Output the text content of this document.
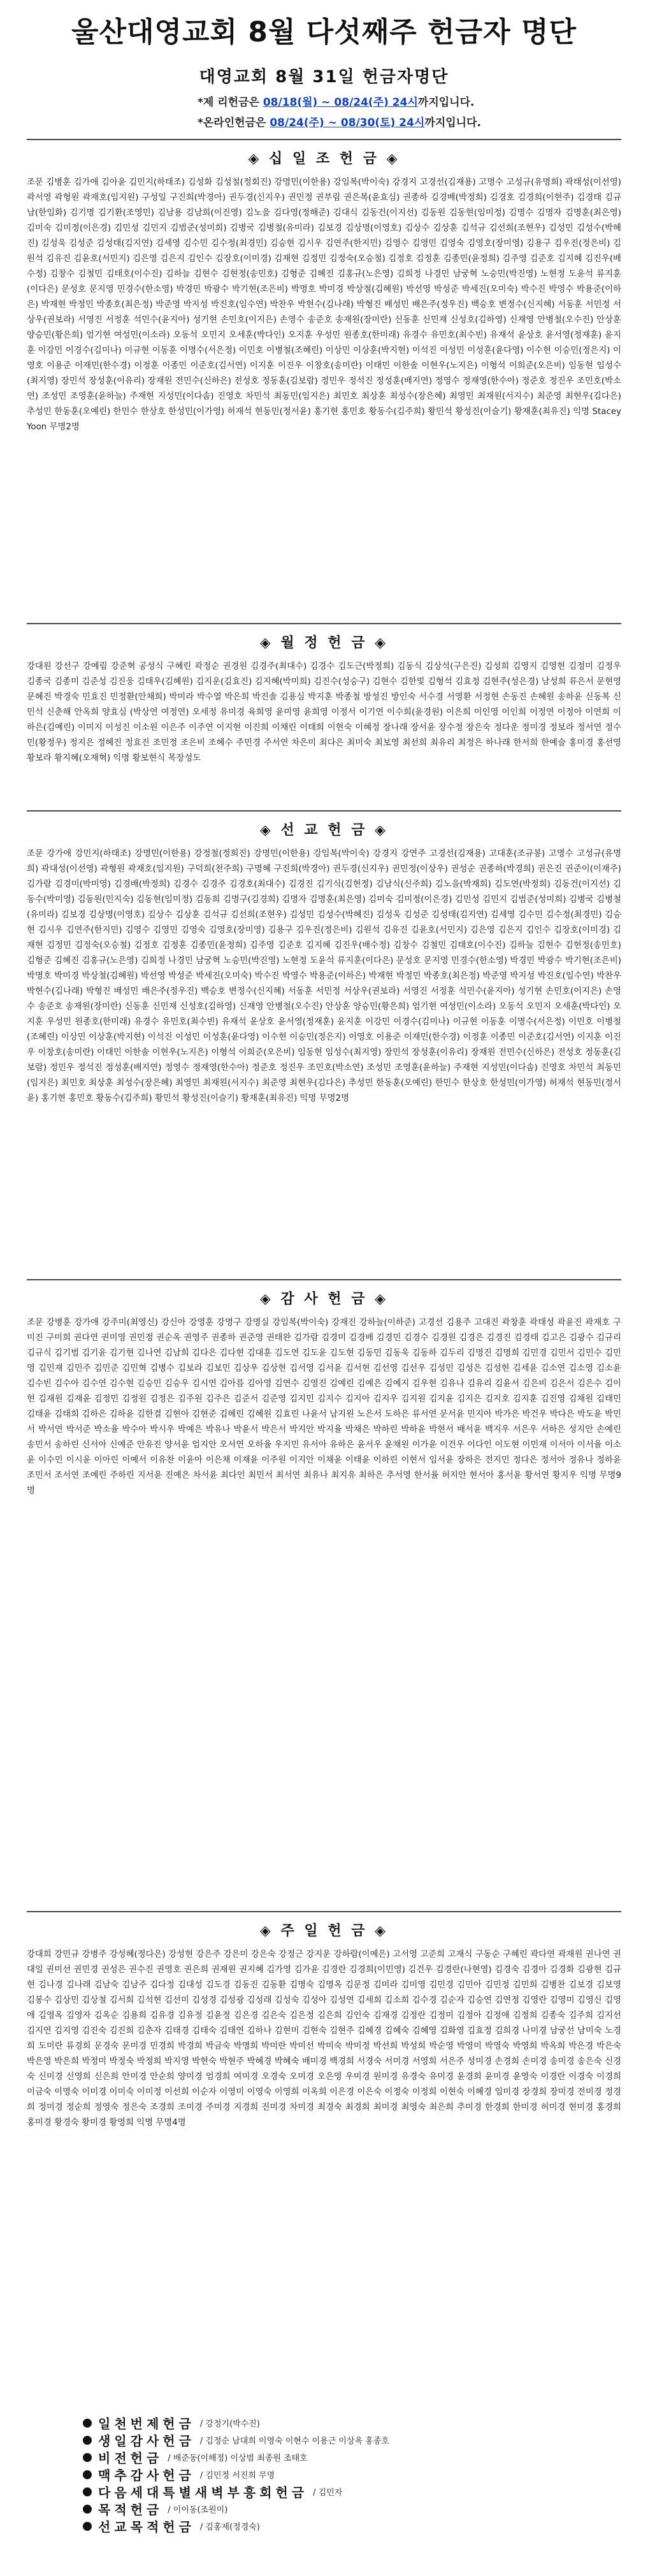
울산대영교회 8월 다섯째주 헌금자 명단
대영교회 8월 31일 헌금자명단
*제 리헌금은 08/18(월) ~ 08/24(주) 24시까지입니다.
*온라인헌금은 08/24(주) ~ 08/30(토) 24시까지입니다.
◈ 십 일 조 헌 금 ◈
조문 김병훈 김가애 김아윤 김민지(하태조) 김성화 김성철(정회진) 강명민(이한용) 강임복(박이숙) 강경지 고경선(김재용) 고명수 고성규(유명희) 곽태성(이선영) 곽서영 곽형원 곽재호(임지원) 구성일 구진희(박경아) 권두경(신지우) 권민정 권부림 권은복(윤효심) 권종하 김경배(박정희) 김경호 김경희(이현주) 김경태 김규남(한임화) 김기명 김기환(조영민) 김남용 김남희(이진영) 김노을 김다영(정해준) 김대식 김동건(이지선) 김동원 김동현(임미정) 김명수 김명자 김명훈(최은영) 김미숙 김미정(이은경) 김민성 김민지 김범준(성미희) 김병국 김병철(유미라) 김보경 김상명(이영호) 김상수 김상훈 김석규 김선희(조현우) 김성민 김성수(박혜진) 김성욱 김성준 김성태(김지연) 김세영 김수민 김수정(최경민) 김승현 김시우 김연주(한지민) 김영수 김영민 김영숙 김영호(장미영) 김용구 김우진(정은비) 김원석 김유진 김윤호(서민지) 김은영 김은지 김인수 김장호(이미경) 김재현 김정민 김정숙(오승철) 김정호 김정훈 김종민(윤정희) 김주영 김준호 김지혜 김진우(배수정) 김창수 김철민 김태호(이수진) 김하늘 김현수 김현정(송민호) 김형준 김혜진 김홍규(노은영) 김희정 나경민 남궁혁 노승민(박진영) 노현정 도윤석 류지훈(이다은) 문성호 문지영 민경수(한소영) 박경민 박광수 박기현(조은비) 박명호 박미경 박상철(김혜원) 박선영 박성준 박세진(오미숙) 박수진 박영수 박용준(이하은) 박재현 박정민 박종호(최은정) 박준영 박지성 박진호(임수연) 박찬우 박현수(김나래) 박형진 배성민 배은주(정우진) 백승호 변정수(신지혜) 서동훈 서민정 서상우(권보라) 서영진 서정훈 석민수(윤지아) 성기현 손민호(이지은) 손영수 송준호 송재원(장미란) 신동훈 신민재 신성호(김하영) 신재영 안병철(오수진) 안상훈 양승민(황은희) 엄기현 여성민(이소라) 오동석 오민지 오세훈(박다인) 오지훈 우성민 원종호(한미래) 유경수 유민호(최수빈) 유재석 윤상호 윤서영(정재훈) 윤지훈 이강민 이경수(김미나) 이규현 이동훈 이명수(서은정) 이민호 이병철(조혜린) 이상민 이상훈(박지현) 이석진 이성민 이성훈(윤다영) 이수현 이승민(정은지) 이영호 이용준 이재민(한수경) 이정훈 이종민 이준호(김서연) 이지훈 이진우 이창호(송미란) 이태민 이한솔 이현우(노지은) 이형석 이희준(오은비) 임동현 임성수(최지영) 장민석 장성훈(이유리) 장재원 전민수(신하은) 전성호 정동훈(김보람) 정민우 정석진 정성훈(배지연) 정영수 정재영(한수아) 정준호 정진우 조민호(박소연) 조성민 조영훈(윤하늘) 주재현 지성민(이다솜) 진영호 차민석 최동민(임지은) 최민호 최상훈 최성수(장은혜) 최영민 최재원(서지수) 최준영 최현우(김다은) 추성민 한동훈(오예린) 한민수 한상호 한성민(이가영) 허재석 현동민(정서윤) 홍기현 홍민호 황동수(김주희) 황민석 황성진(이슬기) 황재훈(최유진) 익명 Stacey Yoon 무명2명
◈ 월 정 헌 금 ◈
강대원 강선구 강예림 강준혁 공성식 구혜린 곽정순 권경원 김경주(최대수) 김경수 김도근(박정희) 김동식 김상석(구은진) 김성희 김영지 김영현 김정미 김정우 김종국 김종미 김준성 김진웅 김태우(김혜원) 김지운(김효진) 김지혜(박미희) 김진수(성승구) 김현수 김한빛 김형석 김효정 김현주(성은경) 남성희 류은서 문현영 문혜진 박경숙 민효진 민정환(안채희) 박미라 박수열 박은희 박진솔 김용심 박지훈 박종철 방성진 방인숙 서수경 서영환 서정현 손동진 손혜원 송하윤 신동복 신민석 신춘해 안옥희 양효심 (박상연 여정연) 오세정 유미경 육희영 윤미영 윤희영 이정서 이기연 이수희(윤경원) 이은희 이인영 이인희 이정연 이정아 이연희 이하은(김예린) 이미지 이성진 이소원 이은주 이주연 이지현 이진희 이채린 이태희 이현숙 이혜정 장나래 장서윤 장수정 장은숙 정다운 정미경 정보라 정서연 정수민(황정우) 정지은 정혜진 정효진 조민정 조은비 조혜수 주민경 주서연 차은미 최다은 최미숙 최보영 최선희 최유리 최정은 하나래 한서희 한예슬 홍미경 홍선영 황보라 황지혜(오재혁) 익명 황보현식 목장성도
◈ 선 교 헌 금 ◈
조문 강가애 강민지(하태조) 강명민(이한용) 강정철(정희진) 강명민(이한용) 강임복(박이숙) 강경지 강연주 고경선(김재용) 고대훈(조규봉) 고명수 고성규(유명희) 곽대성(이선영) 곽형원 곽재호(임지원) 구덕희(천주희) 구명혜 구진희(박경아) 권두경(신지우) 권민정(이상우) 권성순 권종하(박경희) 권은진 권준이(이재주) 김가람 김경미(박미영) 김경배(박정희) 김경수 김경주 김경호(최대수) 김경진 김기식(김현정) 김남식(신주희) 김노을(박재희) 김도연(박정희) 김동건(이지선) 김동수(박미영) 김동원(민지숙) 김동현(임미정) 김동희 김명구(김경희) 김명자 김명훈(최은영) 김미숙 김미정(이은경) 김민성 김민지 김범준(성미희) 김병국 김병철(유미라) 김보경 김상명(이영호) 김상수 김상훈 김석규 김선희(조현우) 김성민 김성수(박혜진) 김성욱 김성준 김성태(김지연) 김세영 김수민 김수정(최경민) 김승현 김시우 김연주(한지민) 김영수 김영민 김영숙 김영호(장미영) 김용구 김우진(정은비) 김원석 김유진 김윤호(서민지) 김은영 김은지 김인수 김장호(이미경) 김재현 김정민 김정숙(오승철) 김정호 김정훈 김종민(윤정희) 김주영 김준호 김지혜 김진우(배수정) 김창수 김철민 김태호(이수진) 김하늘 김현수 김현정(송민호) 김형준 김혜진 김홍규(노은영) 김희정 나경민 남궁혁 노승민(박진영) 노현정 도윤석 류지훈(이다은) 문성호 문지영 민경수(한소영) 박경민 박광수 박기현(조은비) 박명호 박미경 박상철(김혜원) 박선영 박성준 박세진(오미숙) 박수진 박영수 박용준(이하은) 박재현 박정민 박종호(최은정) 박준영 박지성 박진호(임수연) 박찬우 박현수(김나래) 박형진 배성민 배은주(정우진) 백승호 변정수(신지혜) 서동훈 서민정 서상우(권보라) 서영진 서정훈 석민수(윤지아) 성기현 손민호(이지은) 손영수 송준호 송재원(장미란) 신동훈 신민재 신성호(김하영) 신재영 안병철(오수진) 안상훈 양승민(황은희) 엄기현 여성민(이소라) 오동석 오민지 오세훈(박다인) 오지훈 우성민 원종호(한미래) 유경수 유민호(최수빈) 유재석 윤상호 윤서영(정재훈) 윤지훈 이강민 이경수(김미나) 이규현 이동훈 이명수(서은정) 이민호 이병철(조혜린) 이상민 이상훈(박지현) 이석진 이성민 이성훈(윤다영) 이수현 이승민(정은지) 이영호 이용준 이재민(한수경) 이정훈 이종민 이준호(김서연) 이지훈 이진우 이창호(송미란) 이태민 이한솔 이현우(노지은) 이형석 이희준(오은비) 임동현 임성수(최지영) 장민석 장성훈(이유리) 장재원 전민수(신하은) 전성호 정동훈(김보람) 정민우 정석진 정성훈(배지연) 정영수 정재영(한수아) 정준호 정진우 조민호(박소연) 조성민 조영훈(윤하늘) 주재현 지성민(이다솜) 진영호 차민석 최동민(임지은) 최민호 최상훈 최성수(장은혜) 최영민 최재원(서지수) 최준영 최현우(김다은) 추성민 한동훈(오예린) 한민수 한상호 한성민(이가영) 허재석 현동민(정서윤) 홍기현 홍민호 황동수(김주희) 황민석 황성진(이슬기) 황재훈(최유진) 익명 무명2명
◈ 감 사 헌 금 ◈
조문 강병훈 강가애 강주미(최영신) 강신아 강영훈 강명구 강명실 강임복(박이숙) 강재진 강하늘(이하준) 고경선 김용주 고대진 곽창훈 곽태성 곽윤진 곽재호 구미진 구미희 권다연 권미영 권민정 권순옥 권영주 권종하 권준영 권태완 김가람 김경미 김경배 김경민 김경수 김경원 김경은 김경진 김경태 김고은 김광수 김규리 김규식 김기범 김기윤 김기현 김나연 김남희 김다은 김다현 김대훈 김도연 김도윤 김도현 김동민 김동욱 김동하 김두리 김명진 김명희 김민경 김민서 김민수 김민영 김민재 김민주 김민준 김민혁 김병수 김보라 김보민 김상우 김상현 김서영 김서윤 김서현 김선영 김선우 김성민 김성은 김성현 김세윤 김소연 김소영 김소윤 김수빈 김수아 김수연 김수현 김승민 김승우 김시연 김아름 김아영 김연수 김영진 김예린 김예은 김예지 김우현 김유나 김유리 김윤서 김은비 김은서 김은수 김이현 김재원 김재윤 김정민 김정원 김정은 김주원 김주은 김준서 김준영 김지민 김지수 김지아 김지우 김지원 김지윤 김지은 김지호 김지훈 김진영 김채원 김태민 김태윤 김태희 김하은 김하윤 김한결 김현아 김현준 김혜린 김혜원 김효린 나윤서 남지원 노은서 도하은 류서연 문서윤 민지아 박가은 박건우 박다은 박도윤 박민서 박서연 박서준 박소율 박수아 박시우 박예은 박유나 박윤서 박은서 박지안 박지율 박채은 박하린 박하윤 박현서 배서윤 백지우 서은우 서하은 성지안 손예린 송민서 송하린 신서아 신예준 안유진 양서윤 엄지안 오서연 오하율 우지민 유서아 유하은 윤서우 윤채원 이가윤 이건우 이다인 이도현 이민재 이서아 이서율 이소윤 이수민 이시윤 이아린 이예서 이유찬 이윤아 이은채 이재윤 이주원 이지안 이채윤 이태윤 이하린 이현서 임서윤 장하은 전지민 정다은 정서아 정유나 정하윤 조민서 조서연 조예린 주하린 지서윤 진예은 차서윤 최다인 최민서 최서연 최유나 최지유 최하은 추서영 한서율 허지안 현서아 홍서윤 황서연 황지우 익명 무명9명
◈ 주 일 헌 금 ◈
강대희 강민규 강병주 강성혜(정다은) 강성현 강은주 강은미 강은숙 강정근 강지운 강하람(이예은) 고서영 고준희 고재식 구동순 구혜린 곽다연 곽재원 권나연 권대일 권미선 권민경 권성은 권수진 권영호 권은희 권재원 권지혜 김가영 김가윤 김경란 김경희(이민영) 김건우 김경란(나현영) 김경숙 김경아 김경화 김광현 김규현 김나경 김나래 김남숙 김남주 김다정 김대성 김도경 김동진 김동환 김명숙 김명옥 김문정 김미라 김미영 김민경 김민아 김민정 김민희 김병찬 김보경 김보영 김봉수 김상민 김상철 김서희 김석현 김선미 김성경 김성광 김성래 김성숙 김성아 김성연 김세희 김소희 김수경 김순자 김승연 김연정 김영란 김영미 김영신 김영애 김영옥 김영자 김옥순 김용희 김유경 김유정 김윤정 김은경 김은숙 김은정 김은희 김인숙 김재경 김정란 김정미 김정아 김정애 김정희 김종숙 김주희 김지선 김지연 김지영 김진숙 김진희 김춘자 김태경 김태숙 김태연 김하나 김현미 김현숙 김현주 김혜경 김혜숙 김혜영 김화영 김효정 김희경 나미경 남궁선 남미숙 노경희 도미란 류경희 문경숙 문미경 민경희 박경희 박금숙 박명희 박미란 박미선 박미숙 박미정 박선희 박성희 박순영 박영미 박영숙 박영희 박옥희 박은경 박은숙 박은영 박은희 박정미 박정숙 박정희 박지영 박현숙 박현주 박혜경 박혜숙 배미경 백경희 서경숙 서미경 서영희 서은주 성미경 손경희 손미경 송미경 송은숙 신경숙 신미경 신영희 신은희 안미경 안순희 양미경 엄경희 여미경 오경숙 오미경 오은영 우미경 원미경 유경숙 유미경 윤경희 윤미경 윤영숙 이경란 이경숙 이경희 이금숙 이명숙 이미경 이미숙 이미정 이선희 이순자 이영미 이영숙 이영희 이옥희 이은경 이은숙 이정숙 이정희 이현숙 이혜경 임미경 장경희 장미경 전미경 정경희 정미경 정순희 정영숙 정은숙 조경희 조미경 주미경 지경희 진미경 차미경 최경숙 최경희 최미경 최영숙 최은희 추미경 한경희 한미경 허미경 현미경 홍경희 홍미경 황경숙 황미경 황영희 익명 무명4명
일천번제헌금 / 강정기(박수진)
생일감사헌금 / 김정순 남대희 이영숙 이현수 이용근 이상옥 홍종호
비전헌금 / 배준동(이해정) 이상범 최종원 조태호
맥추감사헌금 / 김민정 서진희 무명
다음세대특별새벽부흥회헌금 / 김민자
목적헌금 / 이이동(조원미)
선교목적헌금 / 김홍제(정경숙)
